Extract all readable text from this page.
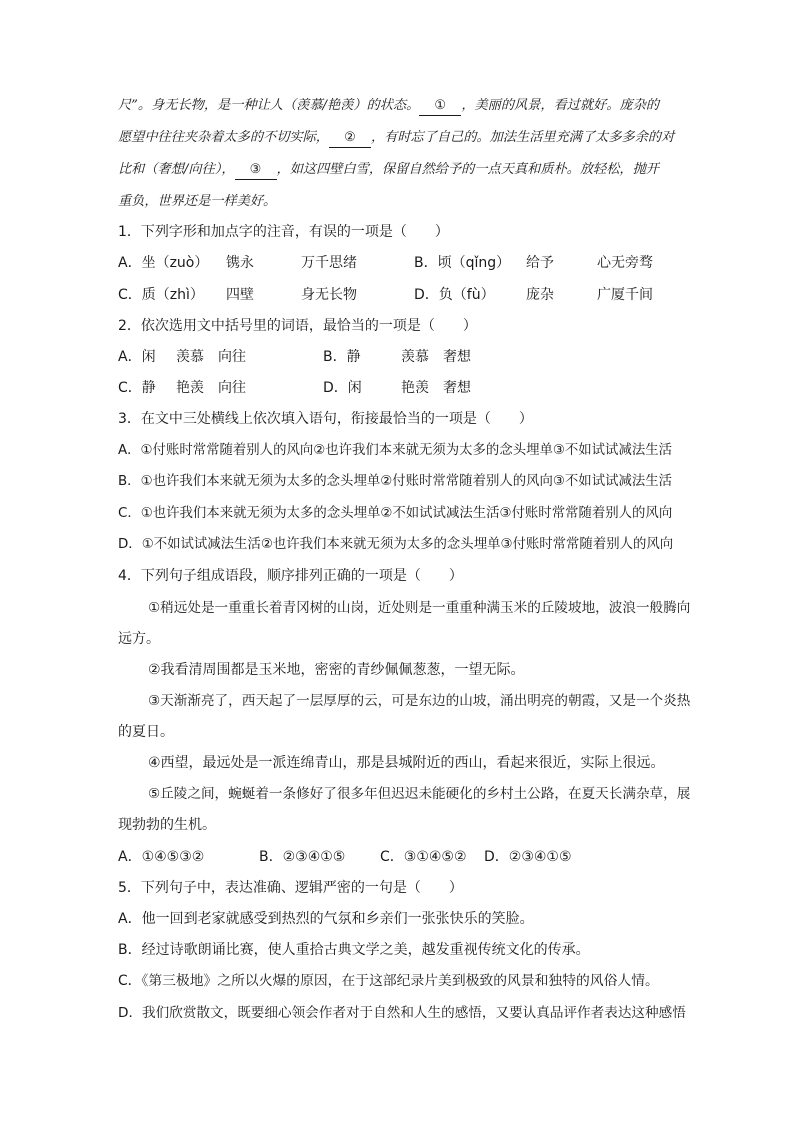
尺”。身无长物，是一种让人（羡慕/艳羡）的状态。 ① ，美丽的风景，看过就好。庞杂的

愿望中往往夹杂着太多的不切实际， ② ，有时忘了自己的。加法生活里充满了太多多余的对

比和（奢想/向往）， ③ ，如这四壁白雪，保留自然给予的一点天真和质朴。放轻松，抛开

重负，世界还是一样美好。

1．下列字形和加点字的注音，有误的一项是（　　）
A．坐（zuò） 镌永	万千思绪	B．顷（qǐng） 给予	心无旁骛
C．质（zhì） 四壁	身无长物	D．负（fù） 庞杂	广厦千间
2．依次选用文中括号里的词语，最恰当的一项是（　　）
A．闲 羡慕 向往	B．静	羡慕 奢想
C．静 艳羡 向往	D．闲	艳羡 奢想
3．在文中三处横线上依次填入语句，衔接最恰当的一项是（　　）
A．①付账时常常随着别人的风向②也许我们本来就无须为太多的念头埋单③不如试试减法生活
B．①也许我们本来就无须为太多的念头埋单②付账时常常随着别人的风向③不如试试减法生活
C．①也许我们本来就无须为太多的念头埋单②不如试试减法生活③付账时常常随着别人的风向
D．①不如试试减法生活②也许我们本来就无须为太多的念头埋单③付账时常常随着别人的风向
4．下列句子组成语段，顺序排列正确的一项是（　　）
①稍远处是一重重长着青冈树的山岗，近处则是一重重种满玉米的丘陵坡地，波浪一般腾向
远方。
②我看清周围都是玉米地，密密的青纱佩佩葱葱，一望无际。
③天渐渐亮了，西天起了一层厚厚的云，可是东边的山坡，涌出明亮的朝霞，又是一个炎热
的夏日。
④西望，最远处是一派连绵青山，那是县城附近的西山，看起来很近，实际上很远。
⑤丘陵之间，蜿蜒着一条修好了很多年但迟迟未能硬化的乡村土公路，在夏天长满杂草，展
现勃勃的生机。
A．①④⑤③②	B．②③④①⑤ C．③①④⑤② D．②③④①⑤
5．下列句子中，表达准确、逻辑严密的一句是（　　）
A．他一回到老家就感受到热烈的气氛和乡亲们一张张快乐的笑脸。
B．经过诗歌朗诵比赛，使人重拾古典文学之美，越发重视传统文化的传承。
C．《第三极地》之所以火爆的原因，在于这部纪录片美到极致的风景和独特的风俗人情。
D．我们欣赏散文，既要细心领会作者对于自然和人生的感悟，又要认真品评作者表达这种感悟
